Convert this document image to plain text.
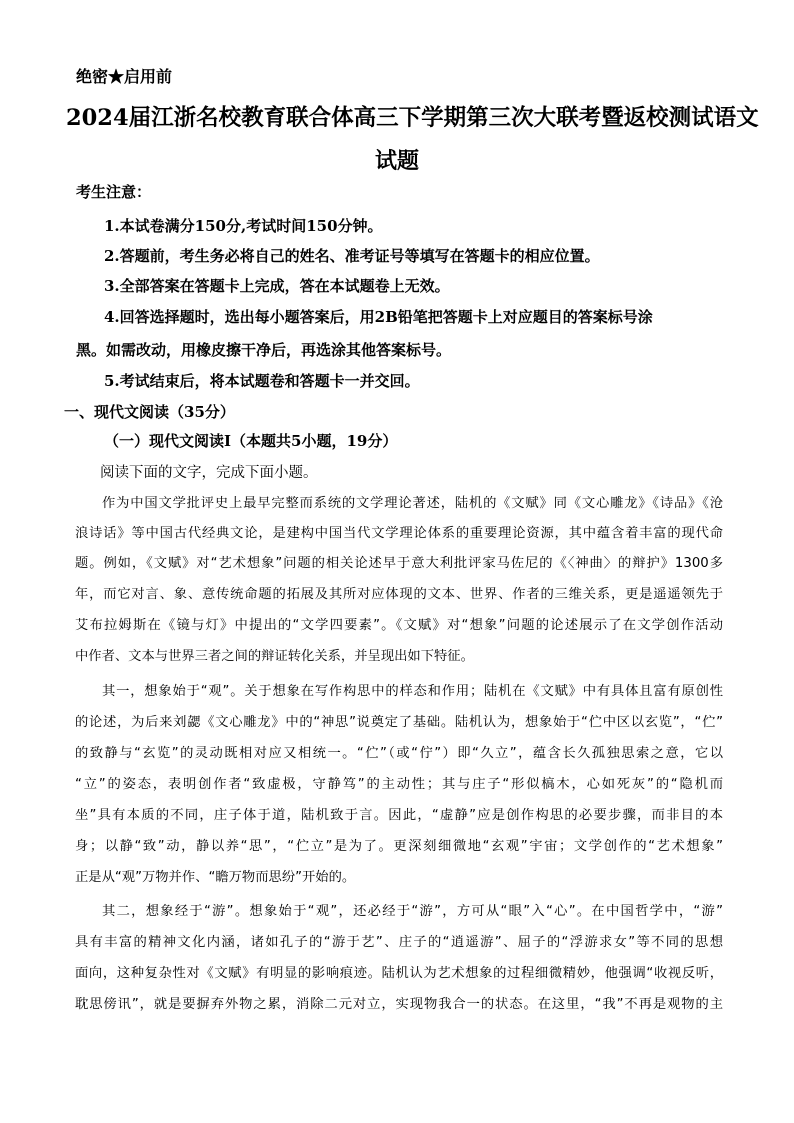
绝密★启用前
2024届江浙名校教育联合体高三下学期第三次大联考暨返校测试语文
试题
考生注意：
1.本试卷满分150分,考试时间150分钟。
2.答题前，考生务必将自己的姓名、准考证号等填写在答题卡的相应位置。
3.全部答案在答题卡上完成，答在本试题卷上无效。
4.回答选择题时，选出每小题答案后，用2B铅笔把答题卡上对应题目的答案标号涂
黑。如需改动，用橡皮擦干净后，再选涂其他答案标号。
5.考试结束后，将本试题卷和答题卡一并交回。
一、现代文阅读（35分）
（一）现代文阅读Ⅰ（本题共5小题，19分）
阅读下面的文字，完成下面小题。
作为中国文学批评史上最早完整而系统的文学理论著述，陆机的《文赋》同《文心雕龙》《诗品》《沧
浪诗话》等中国古代经典文论，是建构中国当代文学理论体系的重要理论资源，其中蕴含着丰富的现代命
题。例如，《文赋》对“艺术想象”问题的相关论述早于意大利批评家马佐尼的《〈神曲〉的辩护》1300多
年，而它对言、象、意传统命题的拓展及其所对应体现的文本、世界、作者的三维关系，更是遥遥领先于
艾布拉姆斯在《镜与灯》中提出的“文学四要素”。《文赋》对“想象”问题的论述展示了在文学创作活动
中作者、文本与世界三者之间的辩证转化关系，并呈现出如下特征。
其一，想象始于“观”。关于想象在写作构思中的样态和作用；陆机在《文赋》中有具体且富有原创性
的论述，为后来刘勰《文心雕龙》中的“神思”说奠定了基础。陆机认为，想象始于“伫中区以玄览”，“伫”
的致静与“玄览”的灵动既相对应又相统一。“伫”（或“佇”）即“久立”，蕴含长久孤独思索之意，它以
“立”的姿态，表明创作者“致虚极，守静笃”的主动性；其与庄子“形似槁木，心如死灰”的“隐机而
坐”具有本质的不同，庄子体于道，陆机致于言。因此，“虚静”应是创作构思的必要步骤，而非目的本
身；以静“致”动，静以养“思”，“伫立”是为了。更深刻细微地“玄观”宇宙；文学创作的“艺术想象”
正是从“观”万物并作、“瞻万物而思纷”开始的。
其二，想象经于“游”。想象始于“观”，还必经于“游”，方可从“眼”入“心”。在中国哲学中，“游”
具有丰富的精神文化内涵，诸如孔子的“游于艺”、庄子的“逍遥游”、屈子的“浮游求女”等不同的思想
面向，这种复杂性对《文赋》有明显的影响痕迹。陆机认为艺术想象的过程细微精妙，他强调“收视反听，
耽思傍讯”，就是要摒弃外物之累，消除二元对立，实现物我合一的状态。在这里，“我”不再是观物的主
